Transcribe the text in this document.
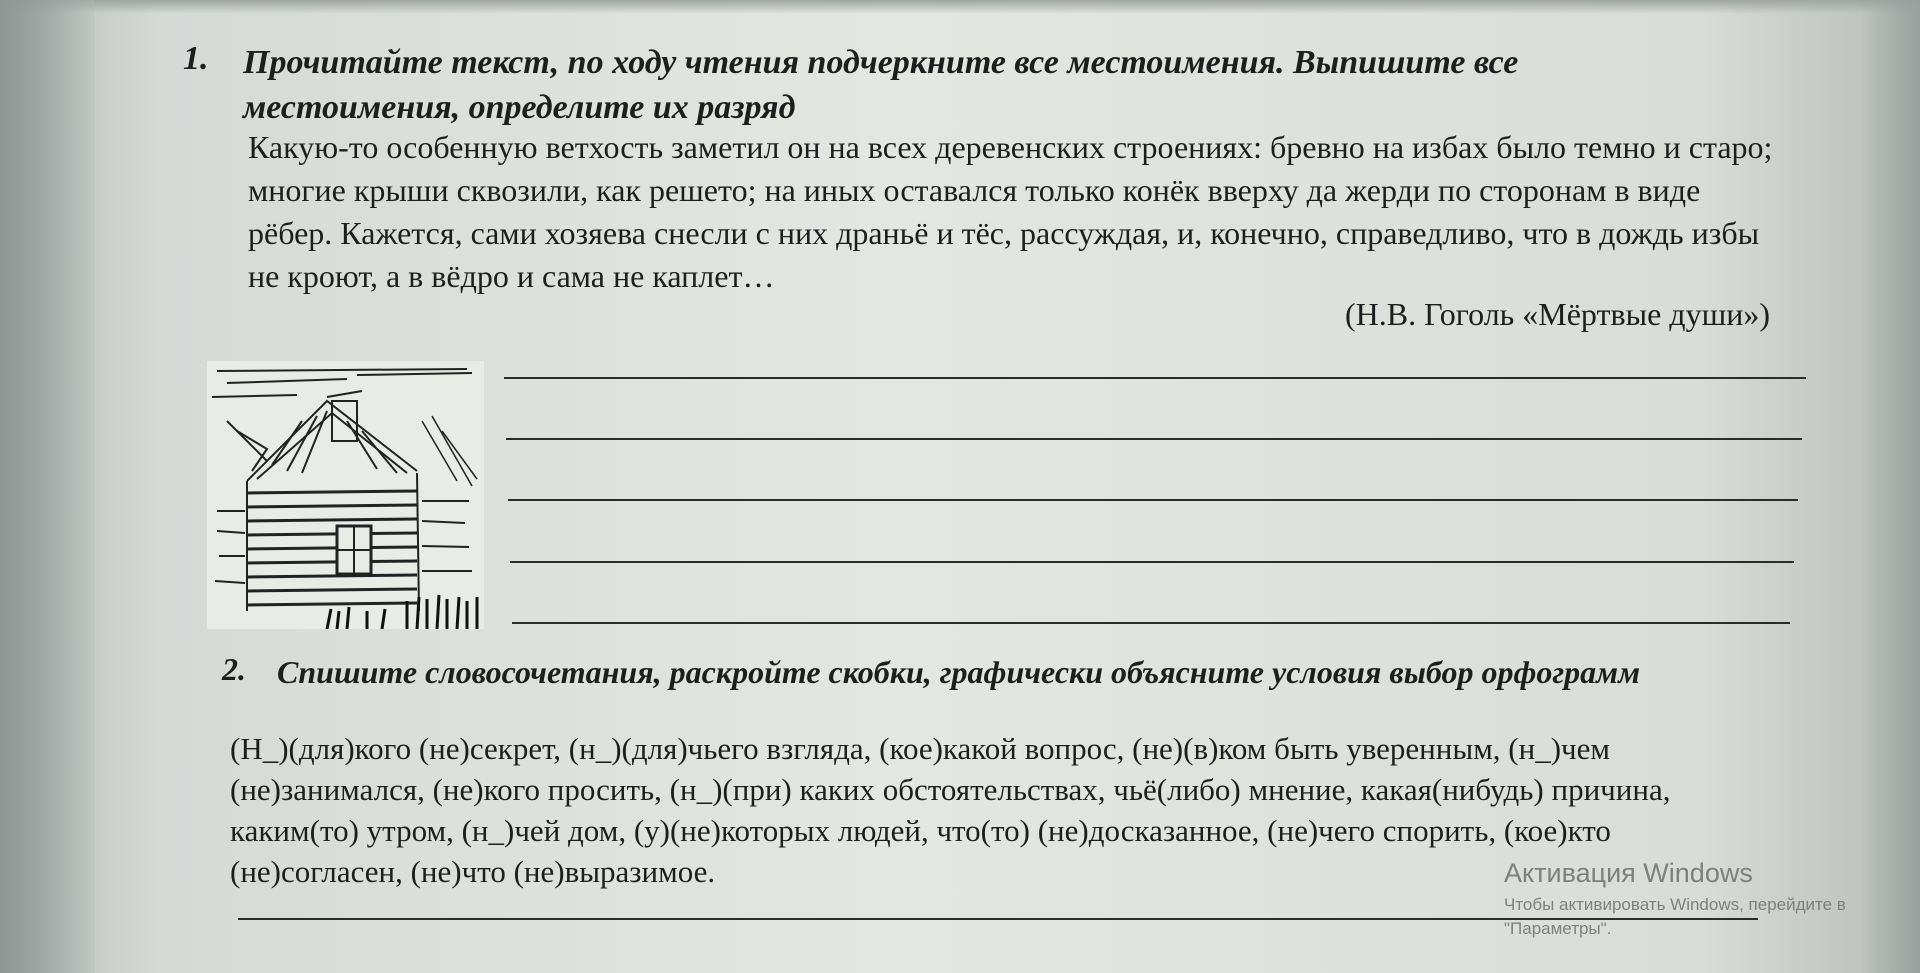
1. Прочитайте текст, по ходу чтения подчеркните все местоимения. Выпишите все местоимения, определите их разряд
Какую-то особенную ветхость заметил он на всех деревенских строениях: бревно на избах было темно и старо; многие крыши сквозили, как решето; на иных оставался только конёк вверху да жерди по сторонам в виде рёбер. Кажется, сами хозяева снесли с них драньё и тёс, рассуждая, и, конечно, справедливо, что в дождь избы не кроют, а в вёдро и сама не каплет…
(Н.В. Гоголь «Мёртвые души»)
2. Спишите словосочетания, раскройте скобки, графически объясните условия выбор орфограмм
(Н_)(для)кого (не)секрет, (н_)(для)чьего взгляда, (кое)какой вопрос, (не)(в)ком быть уверенным, (н_)чем (не)занимался, (не)кого просить, (н_)(при) каких обстоятельствах, чьё(либо) мнение, какая(нибудь) причина, каким(то) утром, (н_)чей дом, (у)(не)которых людей, что(то) (не)досказанное, (не)чего спорить, (кое)кто (не)согласен, (не)что (не)выразимое.	Активация Windows
Чтобы активировать Windows, перейдите в
"Параметры".
